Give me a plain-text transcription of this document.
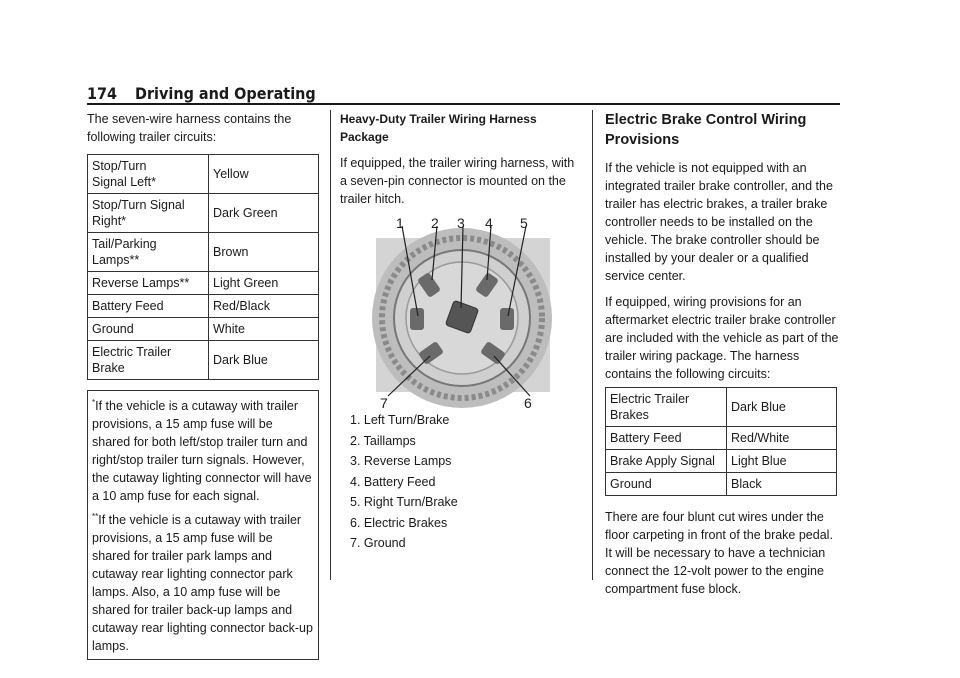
174 Driving and Operating

The seven-wire harness contains the following trailer circuits:

Stop/Turn
Signal Left*	Yellow
Stop/Turn Signal
Right*	Dark Green
Tail/Parking
Lamps**	Brown
Reverse Lamps**	Light Green
Battery Feed	Red/Black
Ground	White
Electric Trailer Brake	Dark Blue

*If the vehicle is a cutaway with trailer provisions, a 15 amp fuse will be shared for both left/stop trailer turn and right/stop trailer turn signals. However, the cutaway lighting connector will have a 10 amp fuse for each signal.

**If the vehicle is a cutaway with trailer provisions, a 15 amp fuse will be shared for trailer park lamps and cutaway rear lighting connector park lamps. Also, a 10 amp fuse will be shared for trailer back-up lamps and cutaway rear lighting connector back-up lamps.

Heavy-Duty Trailer Wiring Harness Package

If equipped, the trailer wiring harness, with a seven-pin connector is mounted on the trailer hitch.

1 2 3 4 5
6
7
1. Left Turn/Brake
2. Taillamps
3. Reverse Lamps
4. Battery Feed
5. Right Turn/Brake
6. Electric Brakes
7. Ground
Electric Brake Control Wiring Provisions

If the vehicle is not equipped with an integrated trailer brake controller, and the trailer has electric brakes, a trailer brake controller needs to be installed on the vehicle. The brake controller should be installed by your dealer or a qualified service center.

If equipped, wiring provisions for an aftermarket electric trailer brake controller are included with the vehicle as part of the trailer wiring package. The harness contains the following circuits:

Electric Trailer
Brakes	Dark Blue
Battery Feed	Red/White
Brake Apply Signal	Light Blue
Ground	Black

There are four blunt cut wires under the floor carpeting in front of the brake pedal. It will be necessary to have a technician connect the 12-volt power to the engine compartment fuse block.
